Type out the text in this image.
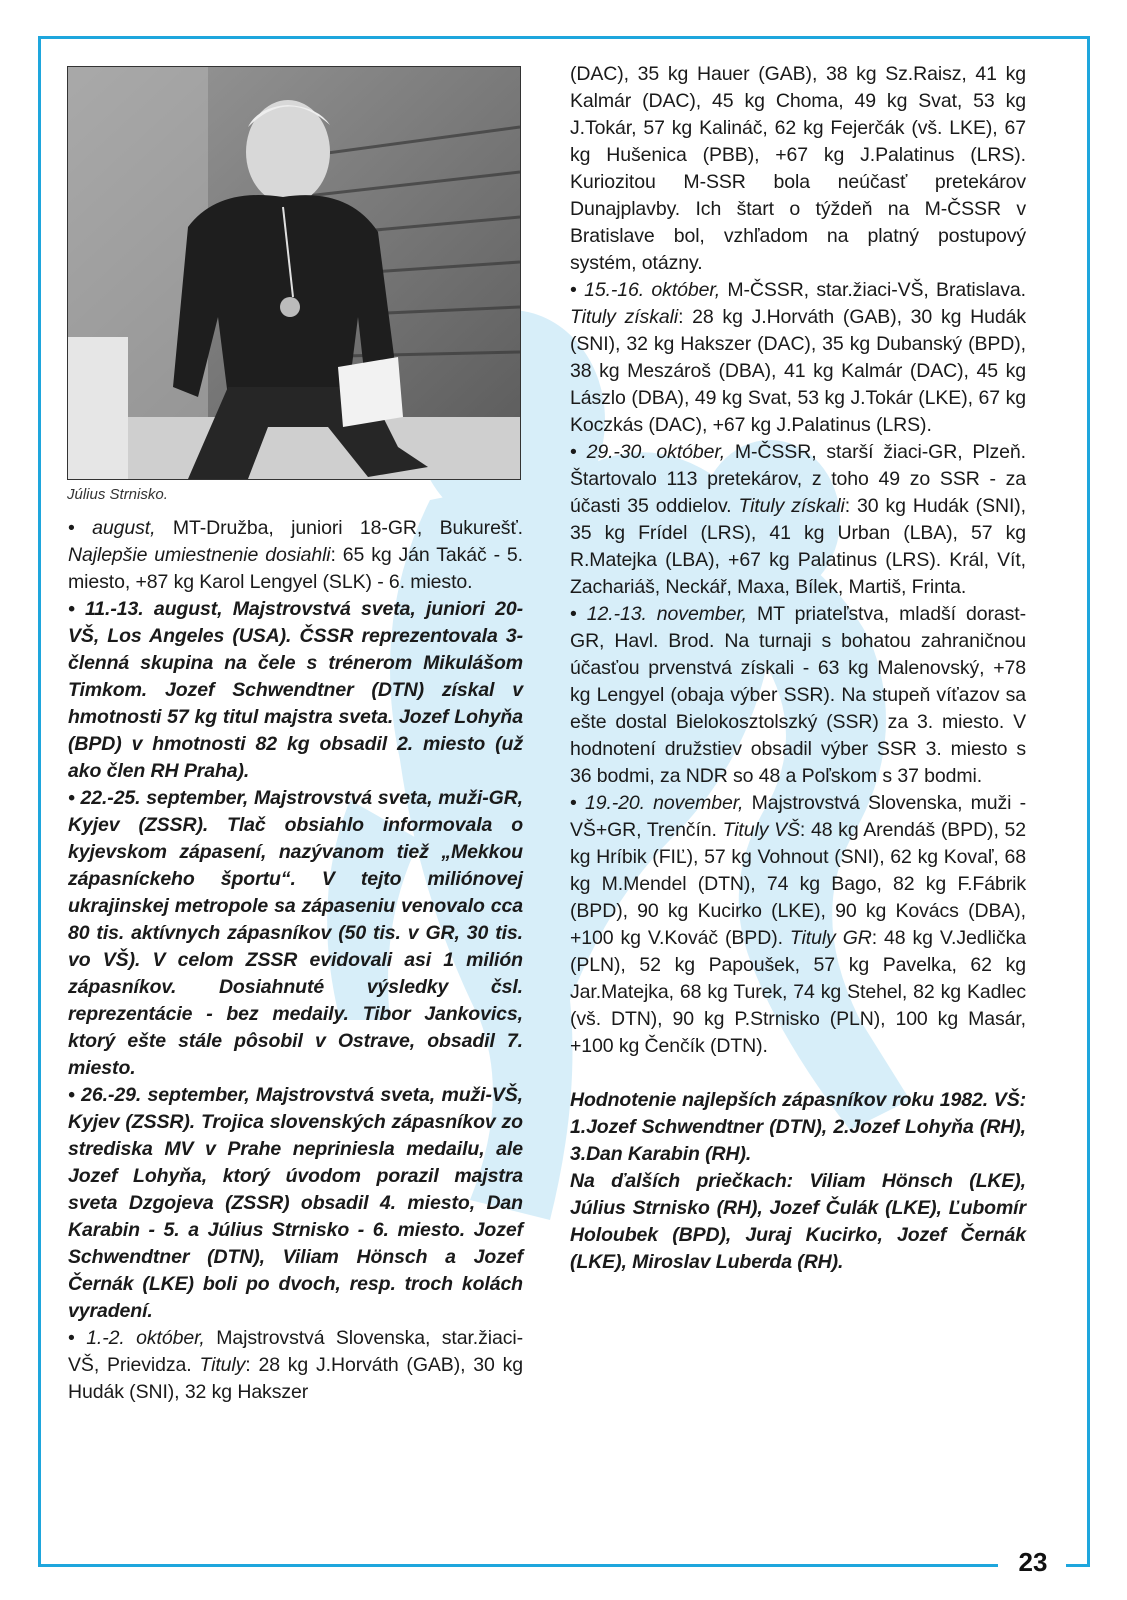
23
Július Strnisko.

• august, MT-Družba, juniori 18-GR, Bukurešť. Najlepšie umiestnenie dosiahli: 65 kg Ján Takáč - 5. miesto, +87 kg Karol Lengyel (SLK) - 6. miesto.

• 11.-13. august, Majstrovstvá sveta, juniori 20-VŠ, Los Angeles (USA). ČSSR reprezentovala 3-členná skupina na čele s trénerom Mikulášom Timkom. Jozef Schwendtner (DTN) získal v hmotnosti 57 kg titul majstra sveta. Jozef Lohyňa (BPD) v hmotnosti 82 kg obsadil 2. miesto (už ako člen RH Praha).

• 22.-25. september, Majstrovstvá sveta, muži-GR, Kyjev (ZSSR). Tlač obsiahlo informovala o kyjevskom zápasení, nazývanom tiež „Mekkou zápasníckeho športu“. V tejto miliónovej ukrajinskej metropole sa zápaseniu venovalo cca 80 tis. aktívnych zápasníkov (50 tis. v GR, 30 tis. vo VŠ). V celom ZSSR evidovali asi 1 milión zápasníkov. Dosiahnuté výsledky čsl. reprezentácie - bez medaily. Tibor Jankovics, ktorý ešte stále pôsobil v Ostrave, obsadil 7. miesto.

• 26.-29. september, Majstrovstvá sveta, muži-VŠ, Kyjev (ZSSR). Trojica slovenských zápasníkov zo strediska MV v Prahe nepriniesla medailu, ale Jozef Lohyňa, ktorý úvodom porazil majstra sveta Dzgojeva (ZSSR) obsadil 4. miesto, Dan Karabin - 5. a Július Strnisko - 6. miesto. Jozef Schwendtner (DTN), Viliam Hönsch a Jozef Černák (LKE) boli po dvoch, resp. troch kolách vyradení.

• 1.-2. október, Majstrovstvá Slovenska, star.žiaci-VŠ, Prievidza. Tituly: 28 kg J.Horváth (GAB), 30 kg Hudák (SNI), 32 kg Hakszer

(DAC), 35 kg Hauer (GAB), 38 kg Sz.Raisz, 41 kg Kalmár (DAC), 45 kg Choma, 49 kg Svat, 53 kg J.Tokár, 57 kg Kalináč, 62 kg Fejerčák (vš. LKE), 67 kg Hušenica (PBB), +67 kg J.Palatinus (LRS). Kuriozitou M-SSR bola neúčasť pretekárov Dunajplavby. Ich štart o týždeň na M-ČSSR v Bratislave bol, vzhľadom na platný postupový systém, otázny.

• 15.-16. október, M-ČSSR, star.žiaci-VŠ, Bratislava. Tituly získali: 28 kg J.Horváth (GAB), 30 kg Hudák (SNI), 32 kg Hakszer (DAC), 35 kg Dubanský (BPD), 38 kg Meszároš (DBA), 41 kg Kalmár (DAC), 45 kg Lászlo (DBA), 49 kg Svat, 53 kg J.Tokár (LKE), 67 kg Koczkás (DAC), +67 kg J.Palatinus (LRS).

• 29.-30. október, M-ČSSR, starší žiaci-GR, Plzeň. Štartovalo 113 pretekárov, z toho 49 zo SSR - za účasti 35 oddielov. Tituly získali: 30 kg Hudák (SNI), 35 kg Frídel (LRS), 41 kg Urban (LBA), 57 kg R.Matejka (LBA), +67 kg Palatinus (LRS). Král, Vít, Zachariáš, Neckář, Maxa, Bílek, Martiš, Frinta.

• 12.-13. november, MT priateľstva, mladší dorast-GR, Havl. Brod. Na turnaji s bohatou zahraničnou účasťou prvenstvá získali - 63 kg Malenovský, +78 kg Lengyel (obaja výber SSR). Na stupeň víťazov sa ešte dostal Bielokosztolszký (SSR) za 3. miesto. V hodnotení družstiev obsadil výber SSR 3. miesto s 36 bodmi, za NDR so 48 a Poľskom s 37 bodmi.

• 19.-20. november, Majstrovstvá Slovenska, muži - VŠ+GR, Trenčín. Tituly VŠ: 48 kg Arendáš (BPD), 52 kg Hríbik (FIĽ), 57 kg Vohnout (SNI), 62 kg Kovaľ, 68 kg M.Mendel (DTN), 74 kg Bago, 82 kg F.Fábrik (BPD), 90 kg Kucirko (LKE), 90 kg Kovács (DBA), +100 kg V.Kováč (BPD). Tituly GR: 48 kg V.Jedlička (PLN), 52 kg Papoušek, 57 kg Pavelka, 62 kg Jar.Matejka, 68 kg Turek, 74 kg Stehel, 82 kg Kadlec (vš. DTN), 90 kg P.Strnisko (PLN), 100 kg Masár, +100 kg Čenčík (DTN).

Hodnotenie najlepších zápasníkov roku 1982. VŠ: 1.Jozef Schwendtner (DTN), 2.Jozef Lohyňa (RH), 3.Dan Karabin (RH).

Na ďalších priečkach: Viliam Hönsch (LKE), Július Strnisko (RH), Jozef Čulák (LKE), Ľubomír Holoubek (BPD), Juraj Kucirko, Jozef Černák (LKE), Miroslav Luberda (RH).
